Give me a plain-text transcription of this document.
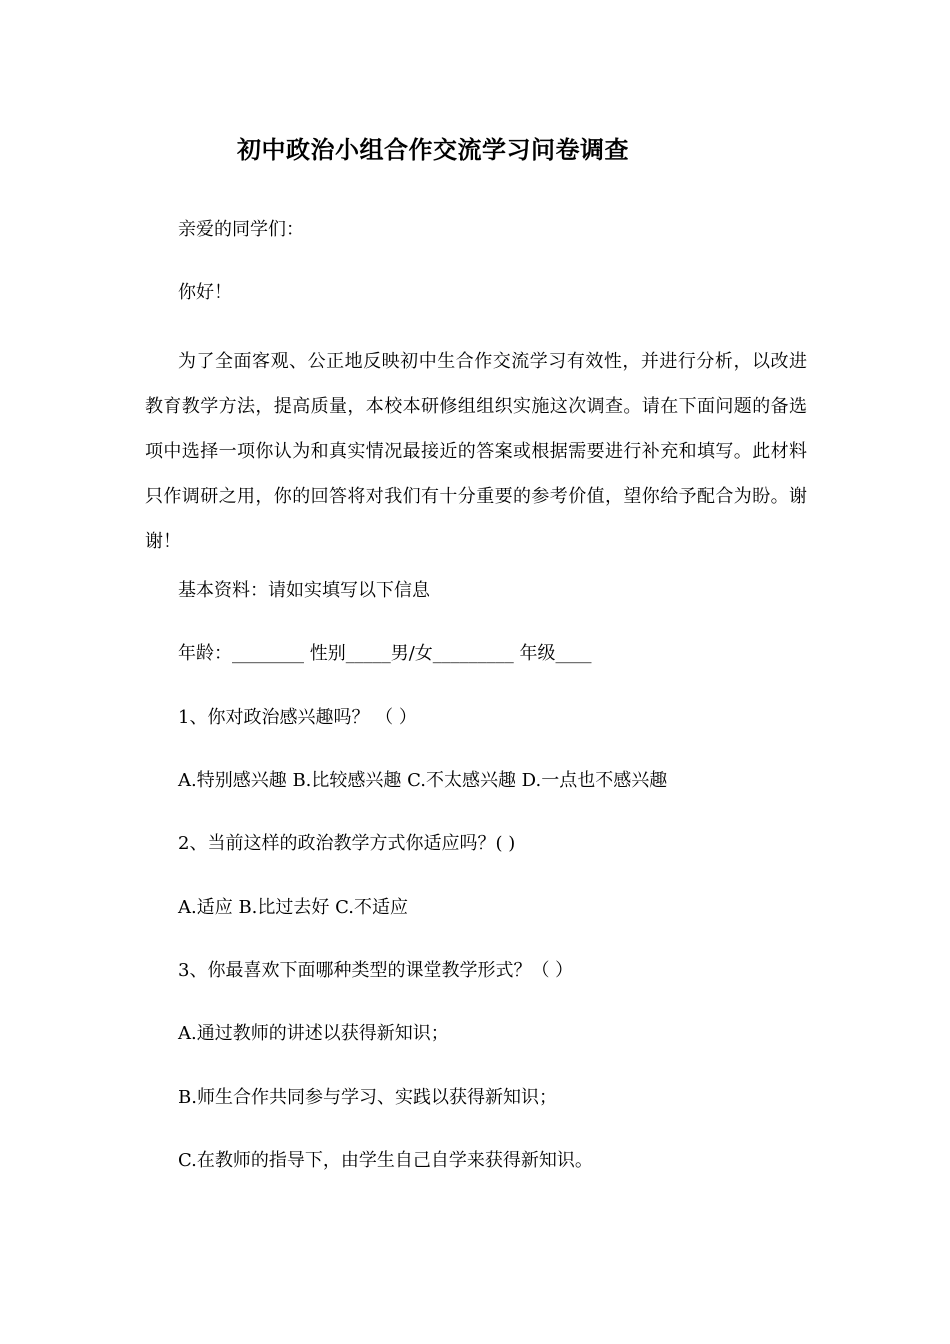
初中政治小组合作交流学习问卷调查

亲爱的同学们：

你好！

为了全面客观、公正地反映初中生合作交流学习有效性，并进行分析，以改进教育教学方法，提高质量，本校本研修组组织实施这次调查。请在下面问题的备选项中选择一项你认为和真实情况最接近的答案或根据需要进行补充和填写。此材料只作调研之用，你的回答将对我们有十分重要的参考价值，望你给予配合为盼。谢谢！

基本资料：请如实填写以下信息

年龄：________ 性别_____男/女_________ 年级____

1、你对政治感兴趣吗？ （ ）

A.特别感兴趣 B.比较感兴趣 C.不太感兴趣 D.一点也不感兴趣

2、当前这样的政治教学方式你适应吗？( )

A.适应 B.比过去好 C.不适应

3、你最喜欢下面哪种类型的课堂教学形式？（ ）

A.通过教师的讲述以获得新知识；

B.师生合作共同参与学习、实践以获得新知识；

C.在教师的指导下，由学生自己自学来获得新知识。
